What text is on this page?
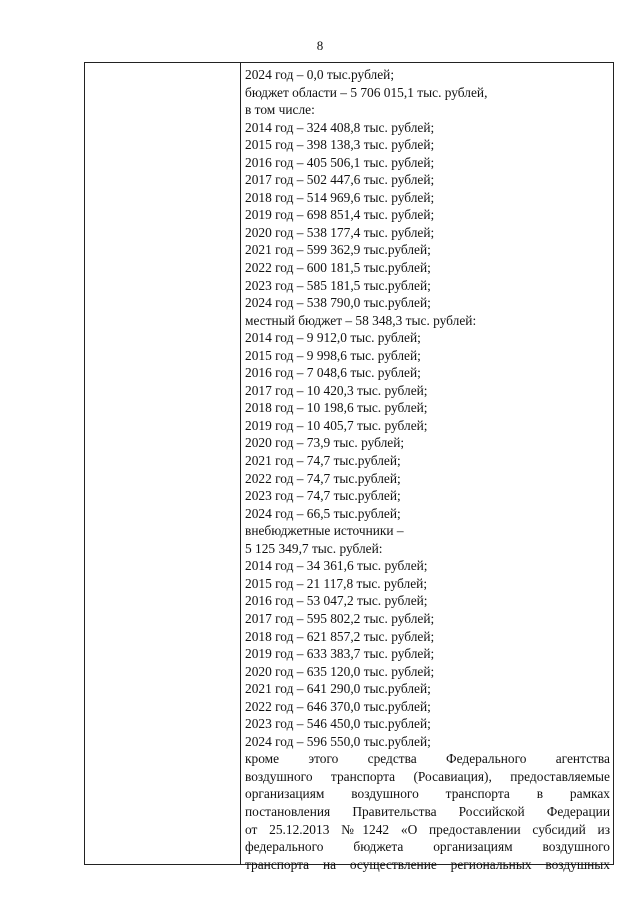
8
2024 год – 0,0 тыс.рублей;
бюджет области – 5 706 015,1 тыс. рублей,
в том числе:
2014 год – 324 408,8 тыс. рублей;
2015 год – 398 138,3 тыс. рублей;
2016 год – 405 506,1 тыс. рублей;
2017 год – 502 447,6 тыс. рублей;
2018 год – 514 969,6 тыс. рублей;
2019 год – 698 851,4 тыс. рублей;
2020 год – 538 177,4 тыс. рублей;
2021 год – 599 362,9 тыс.рублей;
2022 год – 600 181,5 тыс.рублей;
2023 год – 585 181,5 тыс.рублей;
2024 год – 538 790,0 тыс.рублей;
местный бюджет – 58 348,3 тыс. рублей:
2014 год – 9 912,0 тыс. рублей;
2015 год – 9 998,6 тыс. рублей;
2016 год – 7 048,6 тыс. рублей;
2017 год – 10 420,3 тыс. рублей;
2018 год – 10 198,6 тыс. рублей;
2019 год – 10 405,7 тыс. рублей;
2020 год – 73,9 тыс. рублей;
2021 год – 74,7 тыс.рублей;
2022 год – 74,7 тыс.рублей;
2023 год – 74,7 тыс.рублей;
2024 год – 66,5 тыс.рублей;
внебюджетные источники –
5 125 349,7 тыс. рублей:
2014 год – 34 361,6 тыс. рублей;
2015 год – 21 117,8 тыс. рублей;
2016 год – 53 047,2 тыс. рублей;
2017 год – 595 802,2 тыс. рублей;
2018 год – 621 857,2 тыс. рублей;
2019 год – 633 383,7 тыс. рублей;
2020 год – 635 120,0 тыс. рублей;
2021 год – 641 290,0 тыс.рублей;
2022 год – 646 370,0 тыс.рублей;
2023 год – 546 450,0 тыс.рублей;
2024 год – 596 550,0 тыс.рублей;
кроме этого средства Федерального агентства
воздушного транспорта (Росавиация), предоставляемые
организациям воздушного транспорта в рамках
постановления Правительства Российской Федерации
от 25.12.2013 №1242 «О предоставлении субсидий из
федерального бюджета организациям воздушного
транспорта на осуществление региональных воздушных
